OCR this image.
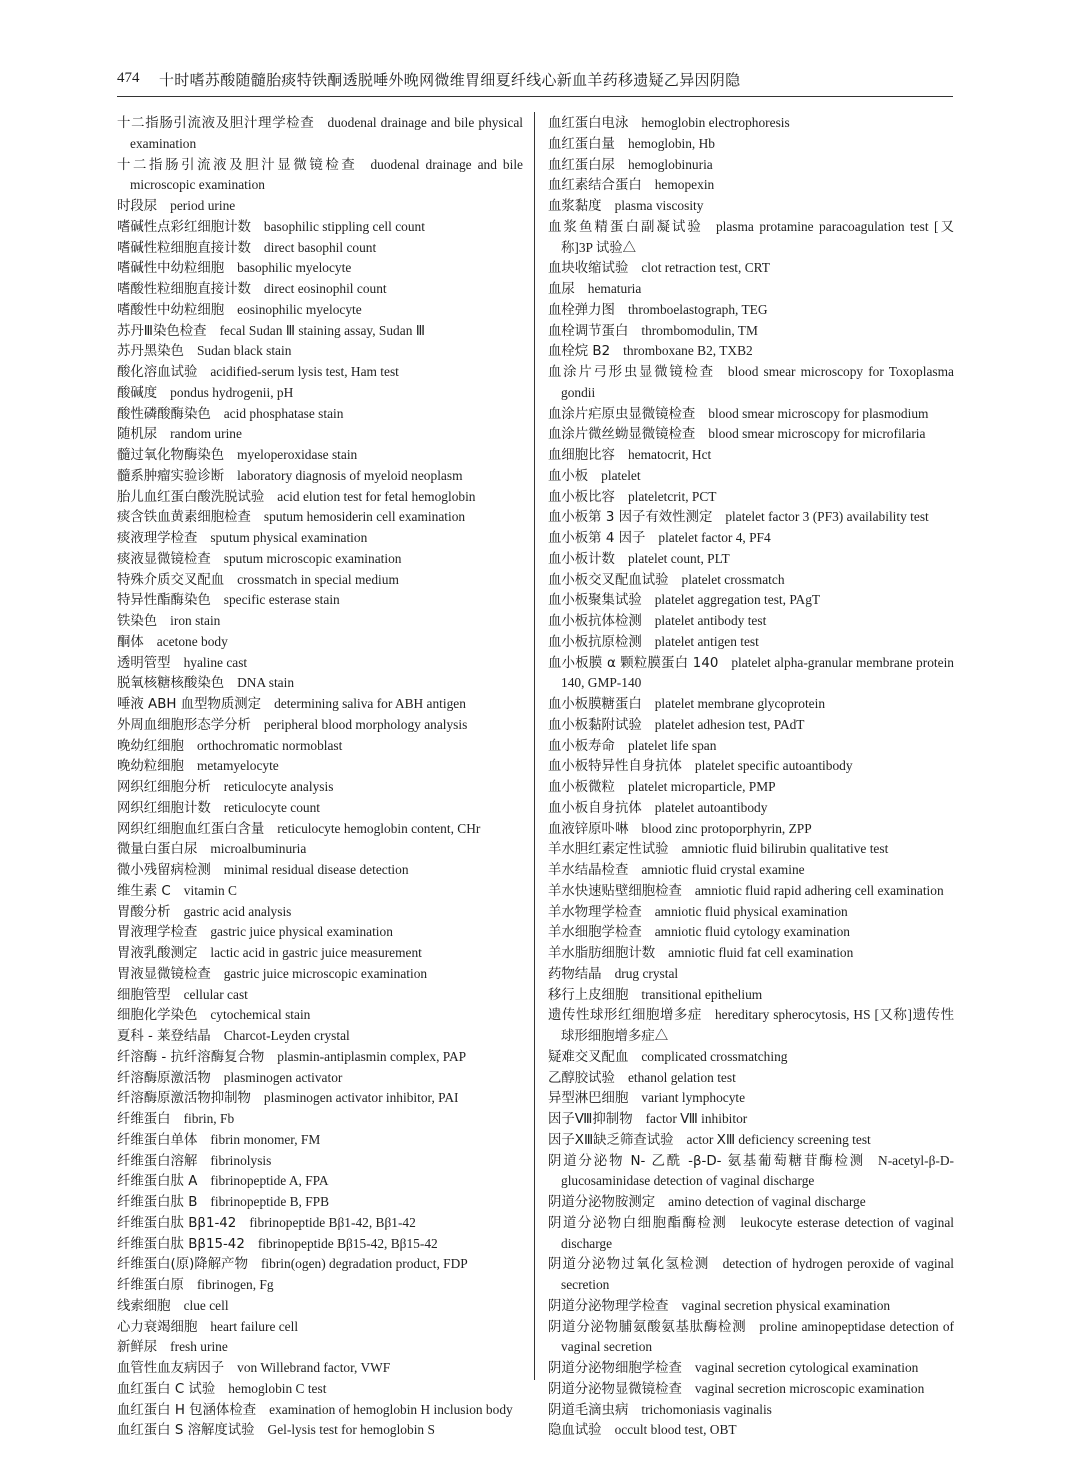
474 十时嗜苏酸随髓胎痰特铁酮透脱唾外晚网微维胃细夏纤线心新血羊药移遗疑乙异因阴隐
十二指肠引流液及胆汁理学检查 duodenal drainage and bile physical examination
十二指肠引流液及胆汁显微镜检查 duodenal drainage and bile microscopic examination
时段尿 period urine
嗜碱性点彩红细胞计数 basophilic stippling cell count
嗜碱性粒细胞直接计数 direct basophil count
嗜碱性中幼粒细胞 basophilic myelocyte
嗜酸性粒细胞直接计数 direct eosinophil count
嗜酸性中幼粒细胞 eosinophilic myelocyte
苏丹Ⅲ染色检查 fecal Sudan Ⅲ staining assay, Sudan Ⅲ
苏丹黑染色 Sudan black stain
酸化溶血试验 acidified-serum lysis test, Ham test
酸碱度 pondus hydrogenii, pH
酸性磷酸酶染色 acid phosphatase stain
随机尿 random urine
髓过氧化物酶染色 myeloperoxidase stain
髓系肿瘤实验诊断 laboratory diagnosis of myeloid neoplasm
胎儿血红蛋白酸洗脱试验 acid elution test for fetal hemoglobin
痰含铁血黄素细胞检查 sputum hemosiderin cell examination
痰液理学检查 sputum physical examination
痰液显微镜检查 sputum microscopic examination
特殊介质交叉配血 crossmatch in special medium
特异性酯酶染色 specific esterase stain
铁染色 iron stain
酮体 acetone body
透明管型 hyaline cast
脱氧核糖核酸染色 DNA stain
唾液 ABH 血型物质测定 determining saliva for ABH antigen
外周血细胞形态学分析 peripheral blood morphology analysis
晚幼红细胞 orthochromatic normoblast
晚幼粒细胞 metamyelocyte
网织红细胞分析 reticulocyte analysis
网织红细胞计数 reticulocyte count
网织红细胞血红蛋白含量 reticulocyte hemoglobin content, CHr
微量白蛋白尿 microalbuminuria
微小残留病检测 minimal residual disease detection
维生素 C vitamin C
胃酸分析 gastric acid analysis
胃液理学检查 gastric juice physical examination
胃液乳酸测定 lactic acid in gastric juice measurement
胃液显微镜检查 gastric juice microscopic examination
细胞管型 cellular cast
细胞化学染色 cytochemical stain
夏科 - 莱登结晶 Charcot-Leyden crystal
纤溶酶 - 抗纤溶酶复合物 plasmin-antiplasmin complex, PAP
纤溶酶原激活物 plasminogen activator
纤溶酶原激活物抑制物 plasminogen activator inhibitor, PAI
纤维蛋白 fibrin, Fb
纤维蛋白单体 fibrin monomer, FM
纤维蛋白溶解 fibrinolysis
纤维蛋白肽 A fibrinopeptide A, FPA
纤维蛋白肽 B fibrinopeptide B, FPB
纤维蛋白肽 Bβ1-42 fibrinopeptide Bβ1-42, Bβ1-42
纤维蛋白肽 Bβ15-42 fibrinopeptide Bβ15-42, Bβ15-42
纤维蛋白(原)降解产物 fibrin(ogen) degradation product, FDP
纤维蛋白原 fibrinogen, Fg
线索细胞 clue cell
心力衰竭细胞 heart failure cell
新鲜尿 fresh urine
血管性血友病因子 von Willebrand factor, VWF
血红蛋白 C 试验 hemoglobin C test
血红蛋白 H 包涵体检查 examination of hemoglobin H inclusion body
血红蛋白 S 溶解度试验 Gel-lysis test for hemoglobin S
血红蛋白电泳 hemoglobin electrophoresis
血红蛋白量 hemoglobin, Hb
血红蛋白尿 hemoglobinuria
血红素结合蛋白 hemopexin
血浆黏度 plasma viscosity
血浆鱼精蛋白副凝试验 plasma protamine paracoagulation test [又称]3P 试验△
血块收缩试验 clot retraction test, CRT
血尿 hematuria
血栓弹力图 thromboelastograph, TEG
血栓调节蛋白 thrombomodulin, TM
血栓烷 B2 thromboxane B2, TXB2
血涂片弓形虫显微镜检查 blood smear microscopy for Toxoplasma gondii
血涂片疟原虫显微镜检查 blood smear microscopy for plasmodium
血涂片微丝蚴显微镜检查 blood smear microscopy for microfilaria
血细胞比容 hematocrit, Hct
血小板 platelet
血小板比容 plateletcrit, PCT
血小板第 3 因子有效性测定 platelet factor 3 (PF3) availability test
血小板第 4 因子 platelet factor 4, PF4
血小板计数 platelet count, PLT
血小板交叉配血试验 platelet crossmatch
血小板聚集试验 platelet aggregation test, PAgT
血小板抗体检测 platelet antibody test
血小板抗原检测 platelet antigen test
血小板膜 α 颗粒膜蛋白 140 platelet alpha-granular membrane protein 140, GMP-140
血小板膜糖蛋白 platelet membrane glycoprotein
血小板黏附试验 platelet adhesion test, PAdT
血小板寿命 platelet life span
血小板特异性自身抗体 platelet specific autoantibody
血小板微粒 platelet microparticle, PMP
血小板自身抗体 platelet autoantibody
血液锌原卟啉 blood zinc protoporphyrin, ZPP
羊水胆红素定性试验 amniotic fluid bilirubin qualitative test
羊水结晶检查 amniotic fluid crystal examine
羊水快速贴壁细胞检查 amniotic fluid rapid adhering cell examination
羊水物理学检查 amniotic fluid physical examination
羊水细胞学检查 amniotic fluid cytology examination
羊水脂肪细胞计数 amniotic fluid fat cell examination
药物结晶 drug crystal
移行上皮细胞 transitional epithelium
遗传性球形红细胞增多症 hereditary spherocytosis, HS [又称]遗传性球形细胞增多症△
疑难交叉配血 complicated crossmatching
乙醇胶试验 ethanol gelation test
异型淋巴细胞 variant lymphocyte
因子Ⅷ抑制物 factor Ⅷ inhibitor
因子ⅩⅢ缺乏筛查试验 actor ⅩⅢ deficiency screening test
阴道分泌物 N- 乙酰 -β-D- 氨基葡萄糖苷酶检测 N-acetyl-β-D-glucosaminidase detection of vaginal discharge
阴道分泌物胺测定 amino detection of vaginal discharge
阴道分泌物白细胞酯酶检测 leukocyte esterase detection of vaginal discharge
阴道分泌物过氧化氢检测 detection of hydrogen peroxide of vaginal secretion
阴道分泌物理学检查 vaginal secretion physical examination
阴道分泌物脯氨酸氨基肽酶检测 proline aminopeptidase detection of vaginal secretion
阴道分泌物细胞学检查 vaginal secretion cytological examination
阴道分泌物显微镜检查 vaginal secretion microscopic examination
阴道毛滴虫病 trichomoniasis vaginalis
隐血试验 occult blood test, OBT
